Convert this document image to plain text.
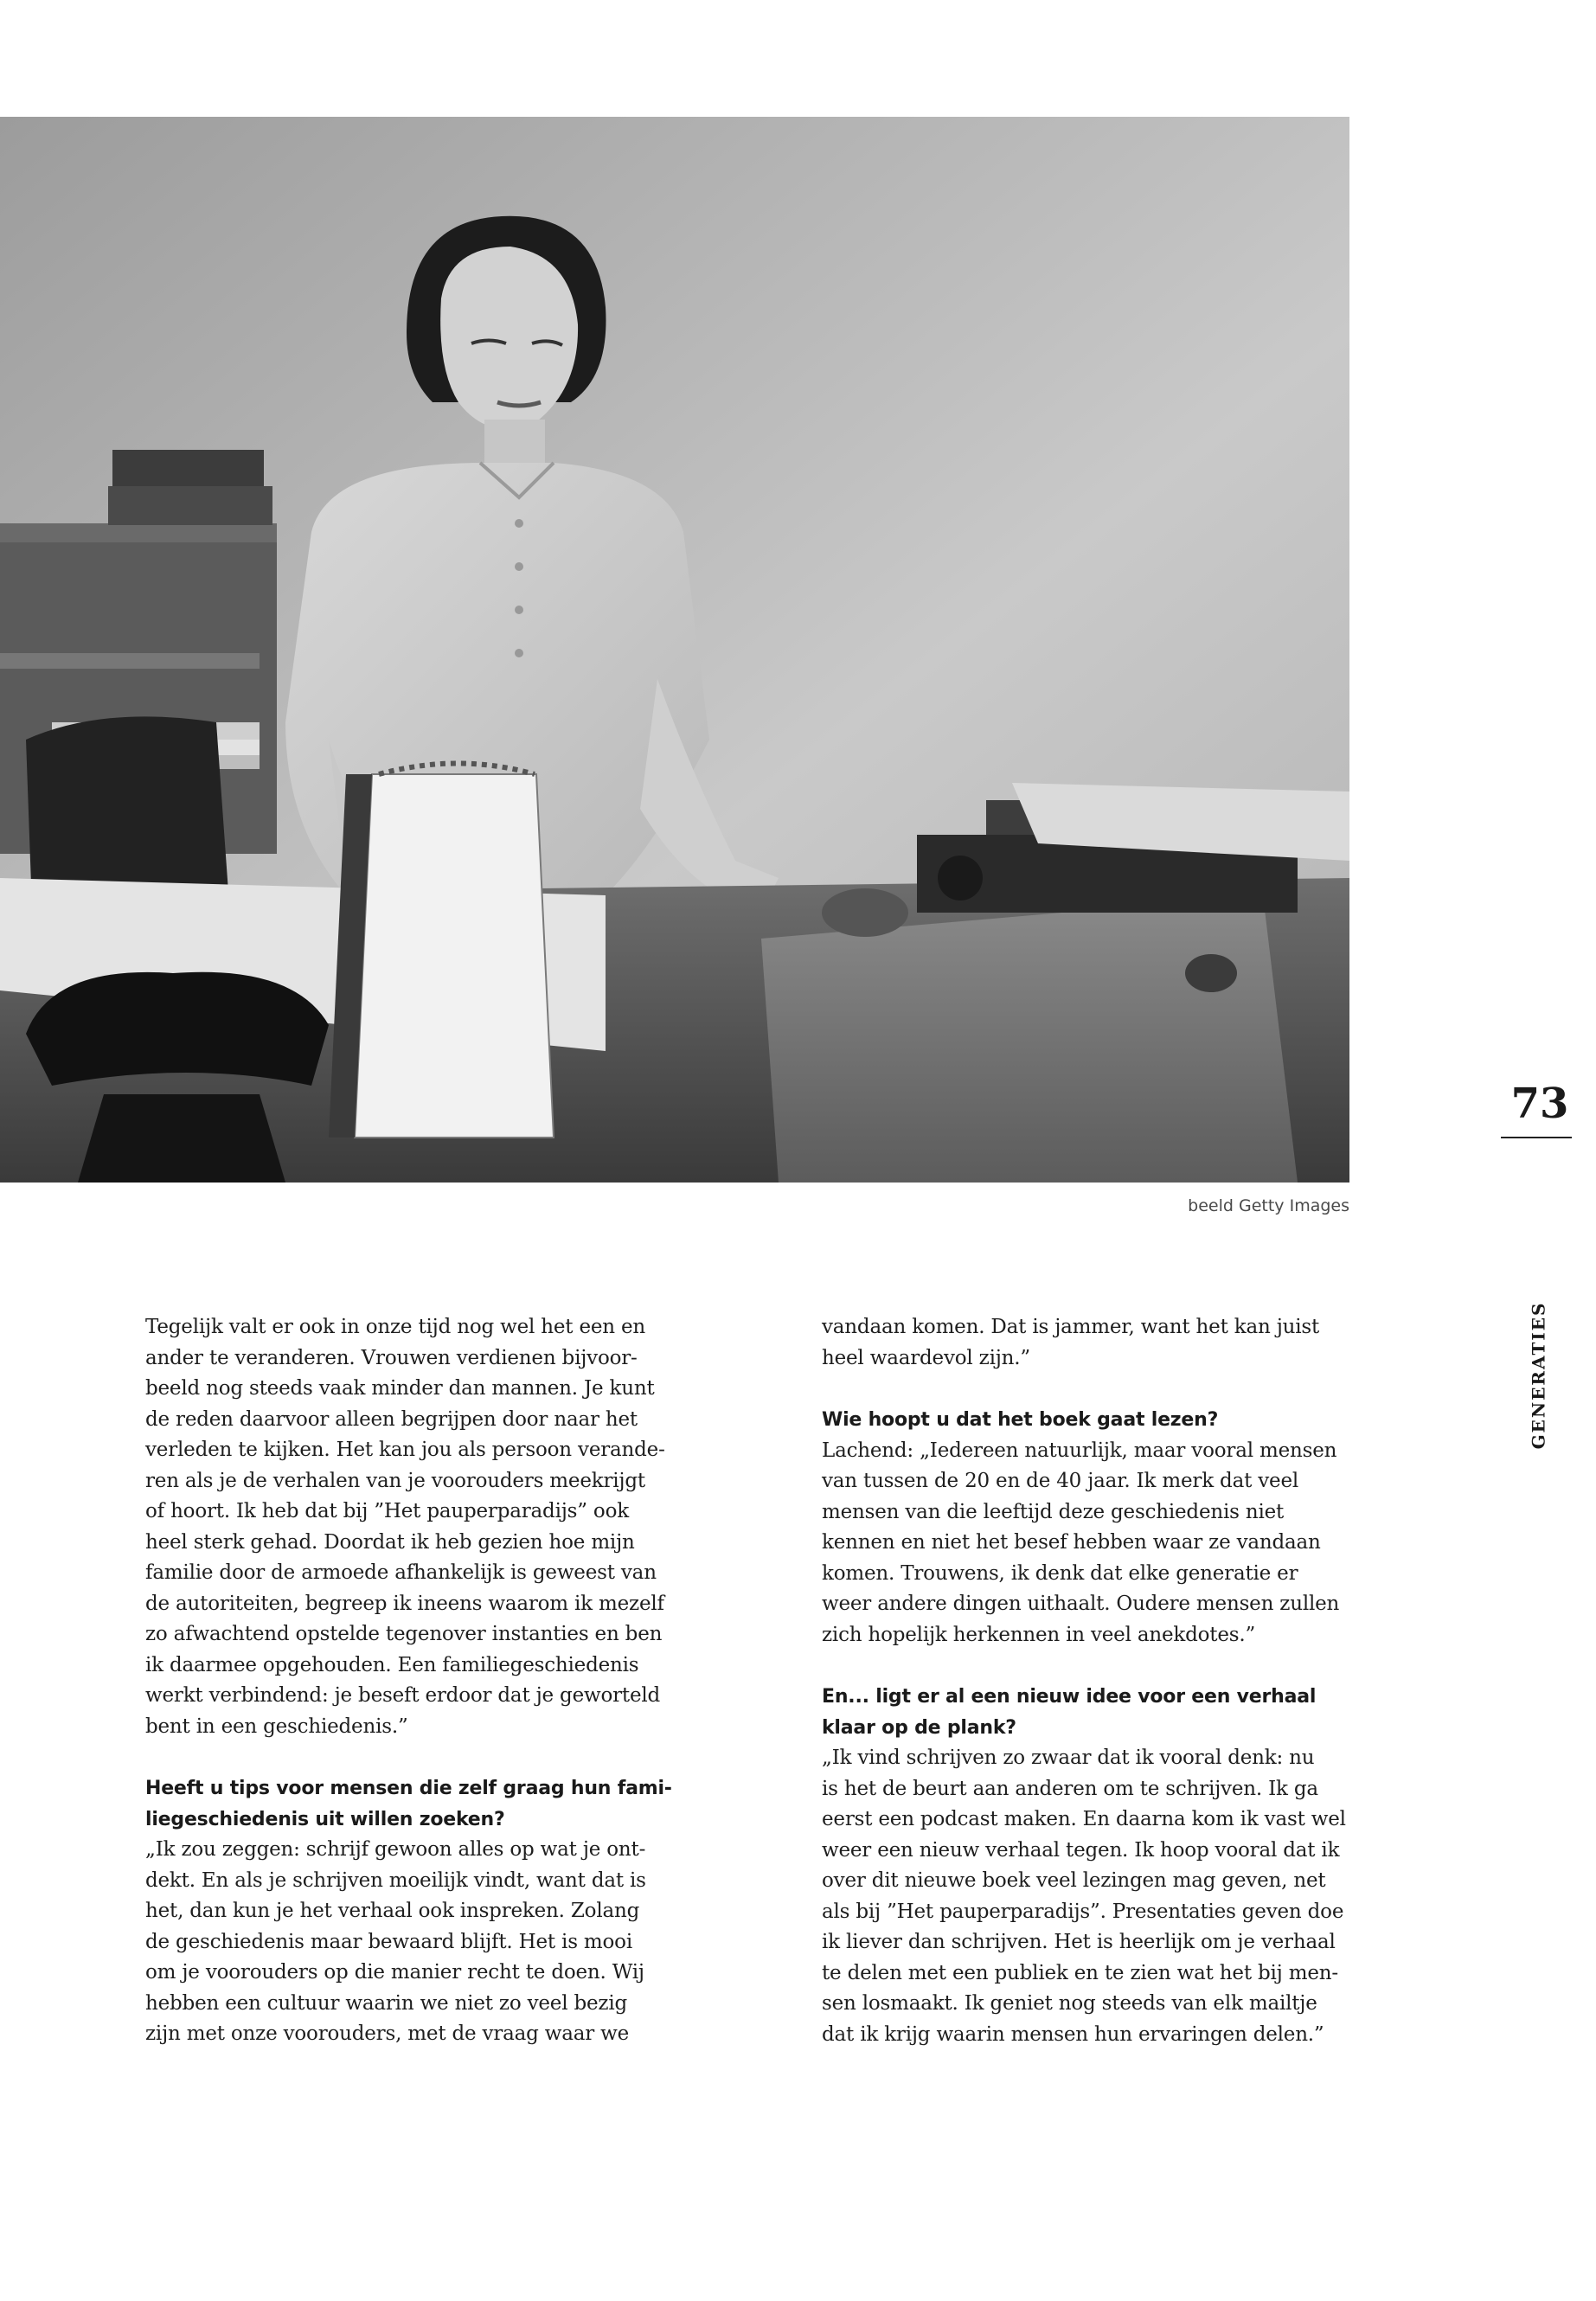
beeld Getty Images
73
GENERATIES

Tegelijk valt er ook in onze tijd nog wel het een en
ander te veranderen. Vrouwen verdienen bijvoor-
beeld nog steeds vaak minder dan mannen. Je kunt
de reden daarvoor alleen begrijpen door naar het
verleden te kijken. Het kan jou als persoon verande-
ren als je de verhalen van je voorouders meekrijgt
of hoort. Ik heb dat bij ”Het pauperparadijs” ook
heel sterk gehad. Doordat ik heb gezien hoe mijn
familie door de armoede afhankelijk is geweest van
de autoriteiten, begreep ik ineens waarom ik mezelf
zo afwachtend opstelde tegenover instanties en ben
ik daarmee opgehouden. Een familiegeschiedenis
werkt verbindend: je beseft erdoor dat je geworteld
bent in een geschiedenis.”

Heeft u tips voor mensen die zelf graag hun fami-
liegeschiedenis uit willen zoeken?

„Ik zou zeggen: schrijf gewoon alles op wat je ont-
dekt. En als je schrijven moeilijk vindt, want dat is
het, dan kun je het verhaal ook inspreken. Zolang
de geschiedenis maar bewaard blijft. Het is mooi
om je voorouders op die manier recht te doen. Wij
hebben een cultuur waarin we niet zo veel bezig
zijn met onze voorouders, met de vraag waar we

vandaan komen. Dat is jammer, want het kan juist
heel waardevol zijn.”

Wie hoopt u dat het boek gaat lezen?

Lachend: „Iedereen natuurlijk, maar vooral mensen
van tussen de 20 en de 40 jaar. Ik merk dat veel
mensen van die leeftijd deze geschiedenis niet
kennen en niet het besef hebben waar ze vandaan
komen. Trouwens, ik denk dat elke generatie er
weer andere dingen uithaalt. Oudere mensen zullen
zich hopelijk herkennen in veel anekdotes.”

En... ligt er al een nieuw idee voor een verhaal
klaar op de plank?

„Ik vind schrijven zo zwaar dat ik vooral denk: nu
is het de beurt aan anderen om te schrijven. Ik ga
eerst een podcast maken. En daarna kom ik vast wel
weer een nieuw verhaal tegen. Ik hoop vooral dat ik
over dit nieuwe boek veel lezingen mag geven, net
als bij ”Het pauperparadijs”. Presentaties geven doe
ik liever dan schrijven. Het is heerlijk om je verhaal
te delen met een publiek en te zien wat het bij men-
sen losmaakt. Ik geniet nog steeds van elk mailtje
dat ik krijg waarin mensen hun ervaringen delen.”
